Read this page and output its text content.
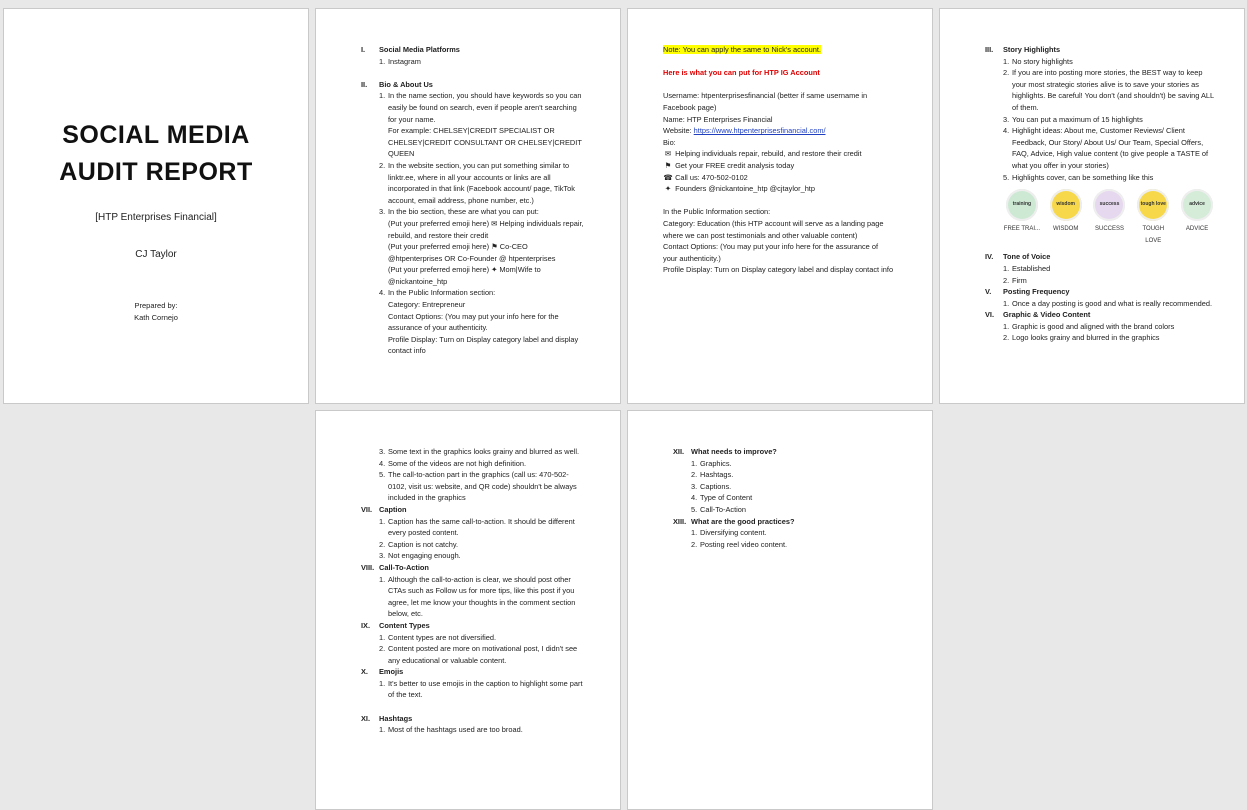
SOCIAL MEDIA
AUDIT REPORT
[HTP Enterprises Financial]
CJ Taylor
Prepared by:
Kath Cornejo
I. Social Media Platforms
1. Instagram
II. Bio & About Us
1. In the name section, you should have keywords so you can easily be found on search, even if people aren't searching for your name.
For example: CHELSEY|CREDIT SPECIALIST OR CHELSEY|CREDIT CONSULTANT OR CHELSEY|CREDIT QUEEN
2. In the website section, you can put something similar to linktr.ee, where in all your accounts or links are all incorporated in that link (Facebook account/ page, TikTok account, email address, phone number, etc.)
3. In the bio section, these are what you can put:
(Put your preferred emoji here) ✉ Helping individuals repair, rebuild, and restore their credit
(Put your preferred emoji here) ⚑ Co-CEO @htpenterprises OR Co-Founder @ htpenterprises
(Put your preferred emoji here) ✦ Mom|Wife to @nickantoine_htp
4. In the Public Information section:
Category: Entrepreneur
Contact Options: (You may put your info here for the assurance of your authenticity.
Profile Display: Turn on Display category label and display contact info
Note: You can apply the same to Nick's account.
Here is what you can put for HTP IG Account
Username: htpenterprisesfinancial (better if same username in Facebook page)
Name: HTP Enterprises Financial
Website: https://www.htpenterprisesfinancial.com/
Bio:
✉ Helping individuals repair, rebuild, and restore their credit
⚑ Get your FREE credit analysis today
☎ Call us: 470-502-0102
✦ Founders @nickantoine_htp @cjtaylor_htp
In the Public Information section:
Category: Education (this HTP account will serve as a landing page where we can post testimonials and other valuable content)
Contact Options: (You may put your info here for the assurance of your authenticity.)
Profile Display: Turn on Display category label and display contact info
III. Story Highlights
1. No story highlights
2. If you are into posting more stories, the BEST way to keep your most strategic stories alive is to save your stories as highlights. Be careful! You don't (and shouldn't) be saving ALL of them.
3. You can put a maximum of 15 highlights
4. Highlight ideas: About me, Customer Reviews/ Client Feedback, Our Story/ About Us/ Our Team, Special Offers, FAQ, Advice, High value content (to give people a TASTE of what you offer in your stories)
5. Highlights cover, can be something like this
training
FREE TRAI...
wisdom
WISDOM
success
SUCCESS
tough love
TOUGH LOVE
advice
ADVICE
IV. Tone of Voice
1. Established
2. Firm
V. Posting Frequency
1. Once a day posting is good and what is really recommended.
VI. Graphic & Video Content
1. Graphic is good and aligned with the brand colors
2. Logo looks grainy and blurred in the graphics
3. Some text in the graphics looks grainy and blurred as well.
4. Some of the videos are not high definition.
5. The call-to-action part in the graphics (call us: 470-502-0102, visit us: website, and QR code) shouldn't be always included in the graphics
VII. Caption
1. Caption has the same call-to-action. It should be different every posted content.
2. Caption is not catchy.
3. Not engaging enough.
VIII. Call-To-Action
1. Although the call-to-action is clear, we should post other CTAs such as Follow us for more tips, like this post if you agree, let me know your thoughts in the comment section below, etc.
IX. Content Types
1. Content types are not diversified.
2. Content posted are more on motivational post, I didn't see any educational or valuable content.
X. Emojis
1. It's better to use emojis in the caption to highlight some part of the text.
XI. Hashtags
1. Most of the hashtags used are too broad.
XII. What needs to improve?
1. Graphics.
2. Hashtags.
3. Captions.
4. Type of Content
5. Call-To-Action
XIII. What are the good practices?
1. Diversifying content.
2. Posting reel video content.
